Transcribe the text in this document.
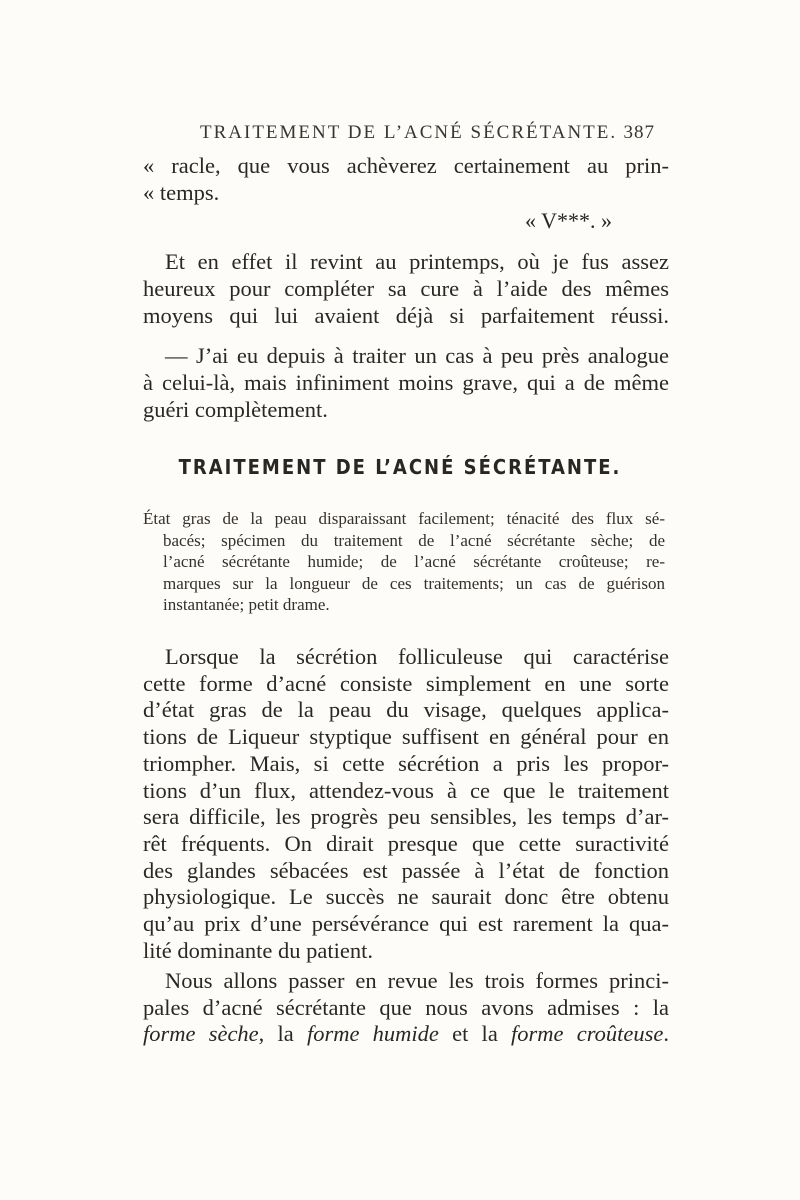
TRAITEMENT DE L’ACNÉ SÉCRÉTANTE. 387
« racle, que vous achèverez certainement au prin-
« temps.
« V***. »
Et en effet il revint au printemps, où je fus assez
heureux pour compléter sa cure à l’aide des mêmes
moyens qui lui avaient déjà si parfaitement réussi.
— J’ai eu depuis à traiter un cas à peu près analogue
à celui-là, mais infiniment moins grave, qui a de même
guéri complètement.
TRAITEMENT DE L’ACNÉ SÉCRÉTANTE.
État gras de la peau disparaissant facilement; ténacité des flux sé-
bacés; spécimen du traitement de l’acné sécrétante sèche; de
l’acné sécrétante humide; de l’acné sécrétante croûteuse; re-
marques sur la longueur de ces traitements; un cas de guérison
instantanée; petit drame.
Lorsque la sécrétion folliculeuse qui caractérise
cette forme d’acné consiste simplement en une sorte
d’état gras de la peau du visage, quelques applica-
tions de Liqueur styptique suffisent en général pour en
triompher. Mais, si cette sécrétion a pris les propor-
tions d’un flux, attendez-vous à ce que le traitement
sera difficile, les progrès peu sensibles, les temps d’ar-
rêt fréquents. On dirait presque que cette suractivité
des glandes sébacées est passée à l’état de fonction
physiologique. Le succès ne saurait donc être obtenu
qu’au prix d’une persévérance qui est rarement la qua-
lité dominante du patient.
Nous allons passer en revue les trois formes princi-
pales d’acné sécrétante que nous avons admises : la
forme sèche, la forme humide et la forme croûteuse.
